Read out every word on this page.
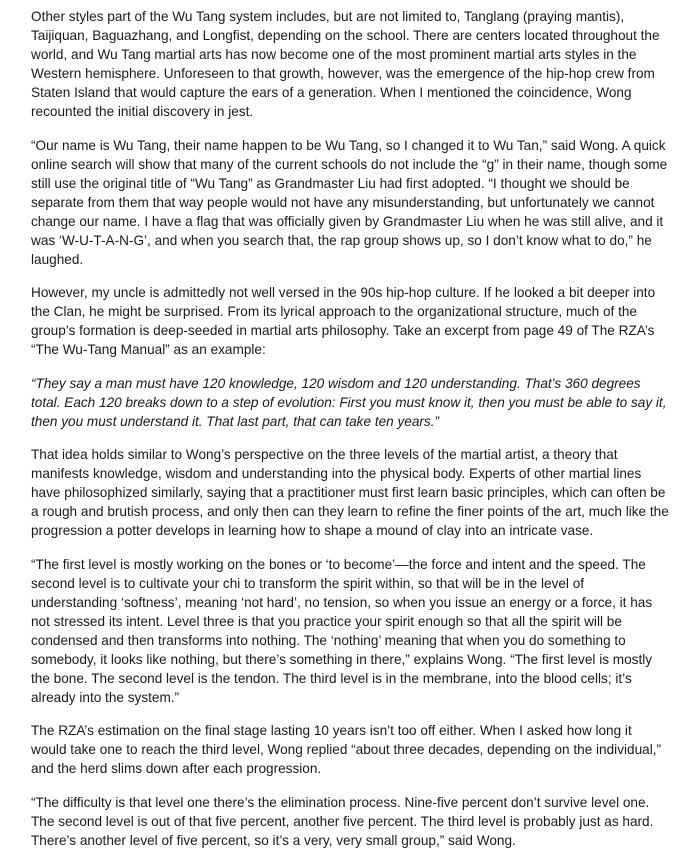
Other styles part of the Wu Tang system includes, but are not limited to, Tanglang (praying mantis), Taijiquan, Baguazhang, and Longfist, depending on the school. There are centers located throughout the world, and Wu Tang martial arts has now become one of the most prominent martial arts styles in the Western hemisphere. Unforeseen to that growth, however, was the emergence of the hip-hop crew from Staten Island that would capture the ears of a generation. When I mentioned the coincidence, Wong recounted the initial discovery in jest.

“Our name is Wu Tang, their name happen to be Wu Tang, so I changed it to Wu Tan,” said Wong. A quick online search will show that many of the current schools do not include the “g” in their name, though some still use the original title of “Wu Tang” as Grandmaster Liu had first adopted. “I thought we should be separate from them that way people would not have any misunderstanding, but unfortunately we cannot change our name. I have a flag that was officially given by Grandmaster Liu when he was still alive, and it was ‘W-U-T-A-N-G’, and when you search that, the rap group shows up, so I don’t know what to do,” he laughed.

However, my uncle is admittedly not well versed in the 90s hip-hop culture. If he looked a bit deeper into the Clan, he might be surprised. From its lyrical approach to the organizational structure, much of the group’s formation is deep-seeded in martial arts philosophy. Take an excerpt from page 49 of The RZA’s “The Wu-Tang Manual” as an example:

“They say a man must have 120 knowledge, 120 wisdom and 120 understanding. That’s 360 degrees total. Each 120 breaks down to a step of evolution: First you must know it, then you must be able to say it, then you must understand it. That last part, that can take ten years.”

That idea holds similar to Wong’s perspective on the three levels of the martial artist, a theory that manifests knowledge, wisdom and understanding into the physical body. Experts of other martial lines have philosophized similarly, saying that a practitioner must first learn basic principles, which can often be a rough and brutish process, and only then can they learn to refine the finer points of the art, much like the progression a potter develops in learning how to shape a mound of clay into an intricate vase.

“The first level is mostly working on the bones or ‘to become’—the force and intent and the speed. The second level is to cultivate your chi to transform the spirit within, so that will be in the level of understanding ‘softness’, meaning ‘not hard’, no tension, so when you issue an energy or a force, it has not stressed its intent. Level three is that you practice your spirit enough so that all the spirit will be condensed and then transforms into nothing. The ‘nothing’ meaning that when you do something to somebody, it looks like nothing, but there’s something in there,” explains Wong. “The first level is mostly the bone. The second level is the tendon. The third level is in the membrane, into the blood cells; it’s already into the system.”

The RZA’s estimation on the final stage lasting 10 years isn’t too off either. When I asked how long it would take one to reach the third level, Wong replied “about three decades, depending on the individual,” and the herd slims down after each progression.

“The difficulty is that level one there’s the elimination process. Nine-five percent don’t survive level one. The second level is out of that five percent, another five percent. The third level is probably just as hard. There’s another level of five percent, so it’s a very, very small group,” said Wong.
